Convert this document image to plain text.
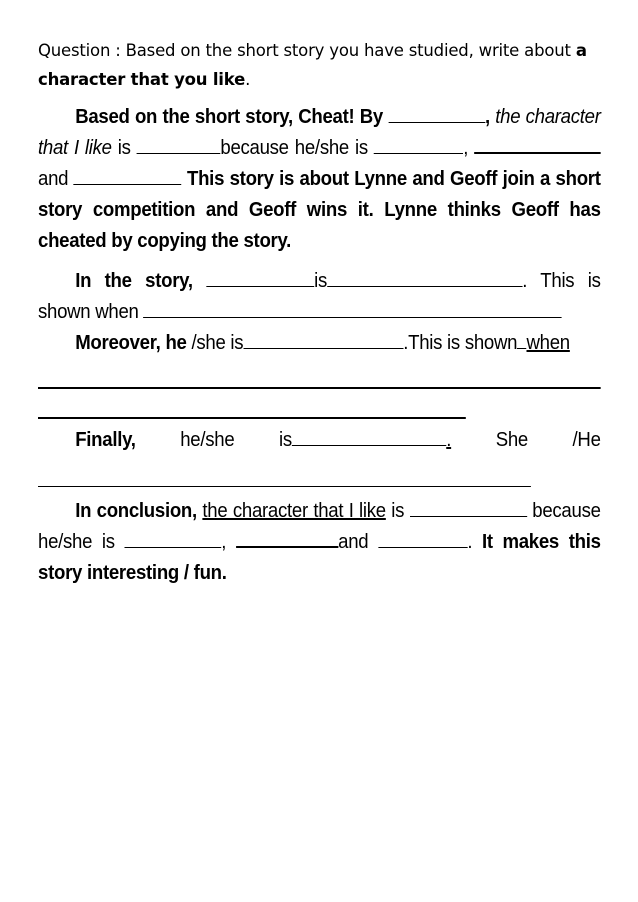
Question : Based on the short story you have studied, write about a character that you like.
Based on the short story, Cheat! By	, the character that I like is	because he/she is	, and	This story is about Lynne and Geoff join a short story competition and Geoff wins it. Lynne thinks Geoff has cheated by copying the story.
In the story,	is	. This is shown when
Moreover, he /she is	.This is shown when
Finally, he/she is	. She /He
In conclusion, the character that I like is	because he/she is	,	and	. It makes this story interesting / fun.
